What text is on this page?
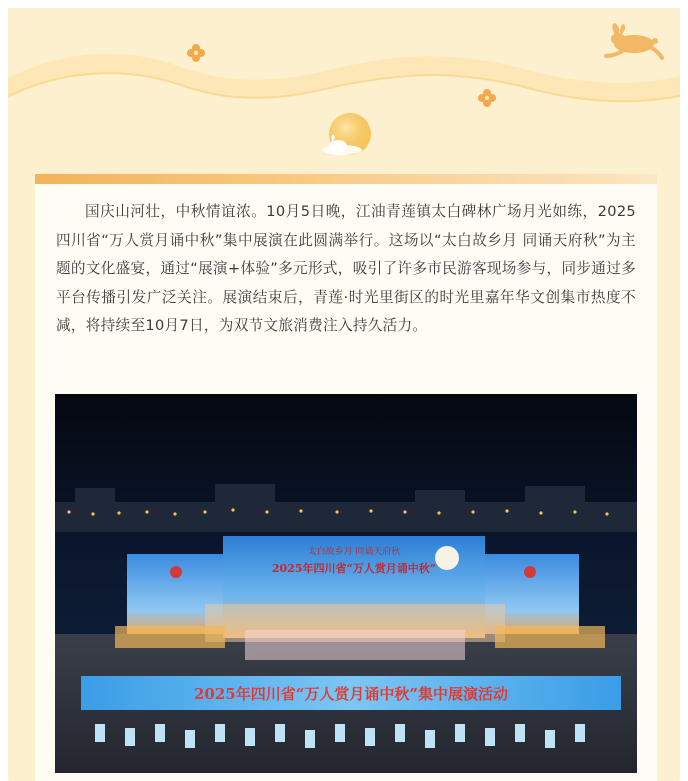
国庆山河壮，中秋情谊浓。10月5日晚，江油青莲镇太白碑林广场月光如练，2025四川省“万人赏月诵中秋”集中展演在此圆满举行。这场以“太白故乡月 同诵天府秋”为主题的文化盛宴，通过“展演+体验”多元形式，吸引了许多市民游客现场参与，同步通过多平台传播引发广泛关注。展演结束后，青莲·时光里街区的时光里嘉年华文创集市热度不减，将持续至10月7日，为双节文旅消费注入持久活力。

太白故乡月 同诵天府秋
2025年四川省“万人赏月诵中秋”
2025年四川省“万人赏月诵中秋”集中展演活动
